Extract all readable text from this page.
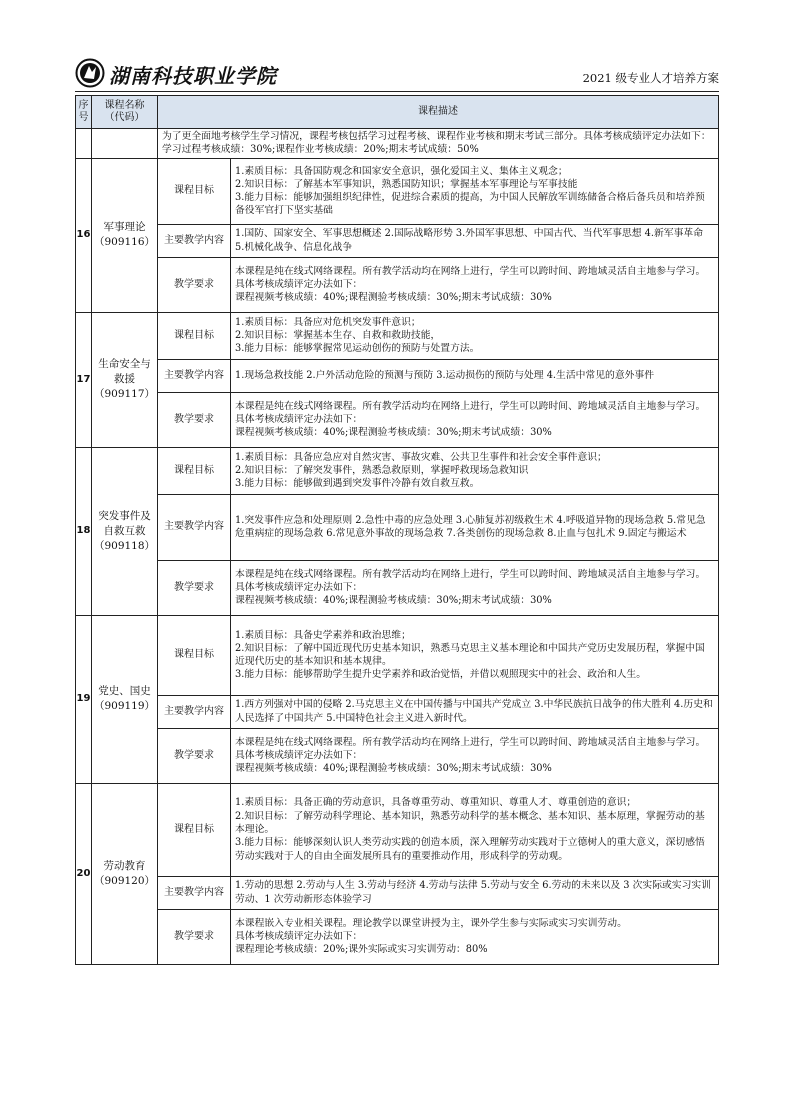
湖南科技职业学院	2021 级专业人才培养方案
序号	课程名称（代码）	课程描述	

		为了更全面地考核学生学习情况，课程考核包括学习过程考核、课程作业考核和期末考试三部分。具体考核成绩评定办法如下：
学习过程考核成绩：30%;课程作业考核成绩：20%;期末考试成绩：50%	

16	军事理论
（909116）	课程目标	1.素质目标：具备国防观念和国家安全意识，强化爱国主义、集体主义观念；
2.知识目标：了解基本军事知识，熟悉国防知识；掌握基本军事理论与军事技能
3.能力目标：能够加强组织纪律性，促进综合素质的提高，为中国人民解放军训练储备合格后备兵员和培养预备役军官打下坚实基础

		主要教学内容	1.国防、国家安全、军事思想概述 2.国际战略形势 3.外国军事思想、中国古代、当代军事思想 4.新军事革命 5.机械化战争、信息化战争

		教学要求	本课程是纯在线式网络课程。所有教学活动均在网络上进行，学生可以跨时间、跨地域灵活自主地参与学习。
具体考核成绩评定办法如下：
课程视频考核成绩：40%;课程测验考核成绩：30%;期末考试成绩：30%

17	生命安全与救援
（909117）	课程目标	1.素质目标：具备应对危机突发事件意识；
2.知识目标：掌握基本生存、自救和救助技能，
3.能力目标：能够掌握常见运动创伤的预防与处置方法。

		主要教学内容	1.现场急救技能 2.户外活动危险的预测与预防 3.运动损伤的预防与处理 4.生活中常见的意外事件

		教学要求	本课程是纯在线式网络课程。所有教学活动均在网络上进行，学生可以跨时间、跨地域灵活自主地参与学习。
具体考核成绩评定办法如下：
课程视频考核成绩：40%;课程测验考核成绩：30%;期末考试成绩：30%

18	突发事件及自救互救
（909118）	课程目标	1.素质目标：具备应急应对自然灾害、事故灾难、公共卫生事件和社会安全事件意识；
2.知识目标：了解突发事件，熟悉急救原则，掌握呼救现场急救知识
3.能力目标：能够做到遇到突发事件冷静有效自救互救。

		主要教学内容	1.突发事件应急和处理原则 2.急性中毒的应急处理 3.心肺复苏初级救生术 4.呼吸道异物的现场急救 5.常见急危重病症的现场急救 6.常见意外事故的现场急救 7.各类创伤的现场急救 8.止血与包扎术 9.固定与搬运术

		教学要求	本课程是纯在线式网络课程。所有教学活动均在网络上进行，学生可以跨时间、跨地域灵活自主地参与学习。
具体考核成绩评定办法如下：
课程视频考核成绩：40%;课程测验考核成绩：30%;期末考试成绩：30%

19	党史、国史
（909119）	课程目标	1.素质目标：具备史学素养和政治思维；
2.知识目标：了解中国近现代历史基本知识，熟悉马克思主义基本理论和中国共产党历史发展历程，掌握中国近现代历史的基本知识和基本规律。
3.能力目标：能够帮助学生提升史学素养和政治觉悟，并借以观照现实中的社会、政治和人生。

		主要教学内容	1.西方列强对中国的侵略 2.马克思主义在中国传播与中国共产党成立 3.中华民族抗日战争的伟大胜利 4.历史和人民选择了中国共产 5.中国特色社会主义进入新时代。

		教学要求	本课程是纯在线式网络课程。所有教学活动均在网络上进行，学生可以跨时间、跨地域灵活自主地参与学习。
具体考核成绩评定办法如下：
课程视频考核成绩：40%;课程测验考核成绩：30%;期末考试成绩：30%

20	劳动教育
（909120）	课程目标	1.素质目标：具备正确的劳动意识，具备尊重劳动、尊重知识、尊重人才、尊重创造的意识；
2.知识目标：了解劳动科学理论、基本知识，熟悉劳动科学的基本概念、基本知识、基本原理，掌握劳动的基本理论。
3.能力目标：能够深刻认识人类劳动实践的创造本质，深入理解劳动实践对于立德树人的重大意义，深切感悟劳动实践对于人的自由全面发展所具有的重要推动作用，形成科学的劳动观。

		主要教学内容	1.劳动的思想 2.劳动与人生 3.劳动与经济 4.劳动与法律 5.劳动与安全 6.劳动的未来以及 3 次实际或实习实训劳动、1 次劳动新形态体验学习

		教学要求	本课程嵌入专业相关课程。理论教学以课堂讲授为主，课外学生参与实际或实习实训劳动。
具体考核成绩评定办法如下：
课程理论考核成绩：20%;课外实际或实习实训劳动：80%
